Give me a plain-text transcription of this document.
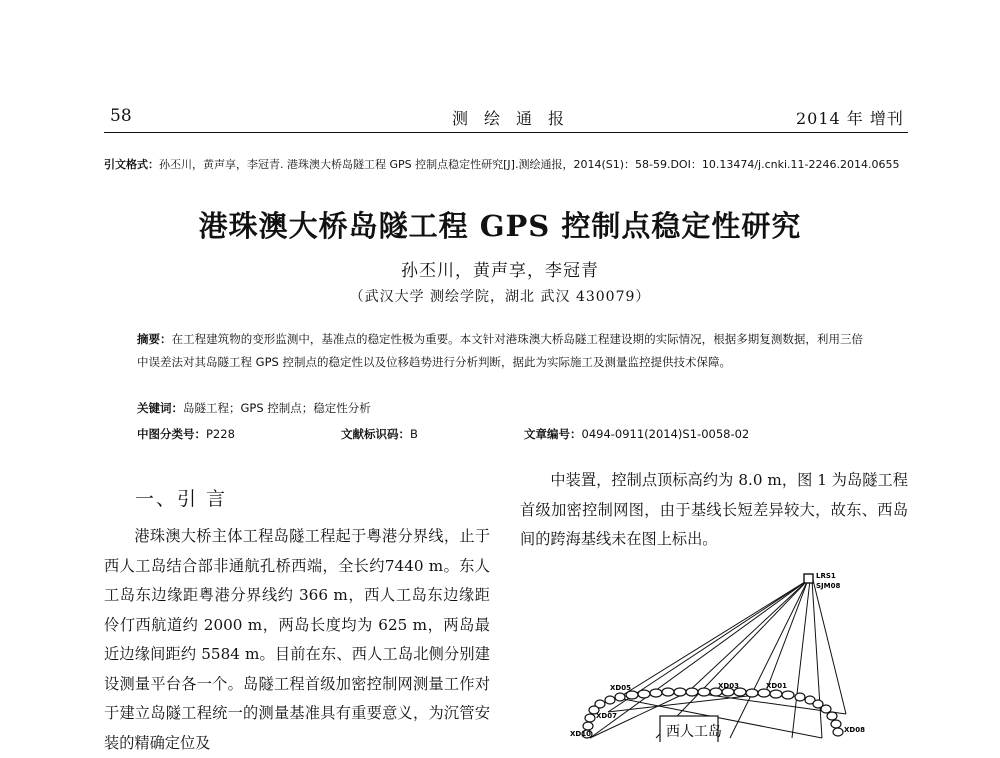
58	测绘通报	2014 年 增刊
引文格式：孙丕川，黄声享，李冠青. 港珠澳大桥岛隧工程 GPS 控制点稳定性研究[J].测绘通报，2014(S1)：58-59.DOI：10.13474/j.cnki.11-2246.2014.0655
港珠澳大桥岛隧工程 GPS 控制点稳定性研究
孙丕川，黄声享，李冠青
（武汉大学 测绘学院，湖北 武汉 430079）
摘要：在工程建筑物的变形监测中，基准点的稳定性极为重要。本文针对港珠澳大桥岛隧工程建设期的实际情况，根据多期复测数据，利用三倍中误差法对其岛隧工程 GPS 控制点的稳定性以及位移趋势进行分析判断，据此为实际施工及测量监控提供技术保障。
关键词：岛隧工程；GPS 控制点；稳定性分析
中图分类号：P228	文献标识码：B	文章编号：0494-0911(2014)S1-0058-02
一、引 言
港珠澳大桥主体工程岛隧工程起于粤港分界线，止于西人工岛结合部非通航孔桥西端，全长约7440 m。东人工岛东边缘距粤港分界线约 366 m，西人工岛东边缘距伶仃西航道约 2000 m，两岛长度均为 625 m，两岛最近边缘间距约 5584 m。目前在东、西人工岛北侧分别建设测量平台各一个。岛隧工程首级加密控制网测量工作对于建立岛隧工程统一的测量基准具有重要意义，为沉管安装的精确定位及
中装置，控制点顶标高约为 8.0 m，图 1 为岛隧工程首级加密控制网图，由于基线长短差异较大，故东、西岛间的跨海基线未在图上标出。
LRS1
SJM08
XD05
XD07
XD03	XD01
XD10	XD08
西人工岛
